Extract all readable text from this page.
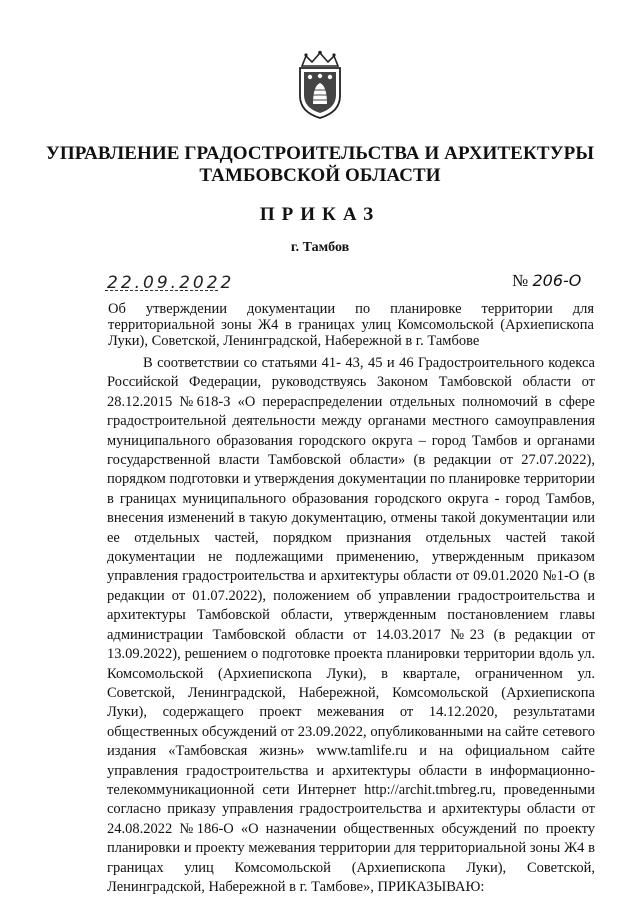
УПРАВЛЕНИЕ ГРАДОСТРОИТЕЛЬСТВА И АРХИТЕКТУРЫ
ТАМБОВСКОЙ ОБЛАСТИ
ПРИКАЗ
г. Тамбов
22.09.2022	№ 206-О
Об утверждении документации по планировке территории для территориальной зоны Ж4 в границах улиц Комсомольской (Архиепископа Луки), Советской, Ленинградской, Набережной в г. Тамбове
В соответствии со статьями 41- 43, 45 и 46 Градостроительного кодекса Российской Федерации, руководствуясь Законом Тамбовской области от 28.12.2015 №618-З «О перераспределении отдельных полномочий в сфере градостроительной деятельности между органами местного самоуправления муниципального образования городского округа – город Тамбов и органами государственной власти Тамбовской области» (в редакции от 27.07.2022), порядком подготовки и утверждения документации по планировке территории в границах муниципального образования городского округа - город Тамбов, внесения изменений в такую документацию, отмены такой документации или ее отдельных частей, порядком признания отдельных частей такой документации не подлежащими применению, утвержденным приказом управления градостроительства и архитектуры области от 09.01.2020 №1-О (в редакции от 01.07.2022), положением об управлении градостроительства и архитектуры Тамбовской области, утвержденным постановлением главы администрации Тамбовской области от 14.03.2017 №23 (в редакции от 13.09.2022), решением о подготовке проекта планировки территории вдоль ул. Комсомольской (Архиепископа Луки), в квартале, ограниченном ул. Советской, Ленинградской, Набережной, Комсомольской (Архиепископа Луки), содержащего проект межевания от 14.12.2020, результатами общественных обсуждений от 23.09.2022, опубликованными на сайте сетевого издания «Тамбовская жизнь» www.tamlife.ru и на официальном сайте управления градостроительства и архитектуры области в информационно-телекоммуникационной сети Интернет http://archit.tmbreg.ru, проведенными согласно приказу управления градостроительства и архитектуры области от 24.08.2022 №186-О «О назначении общественных обсуждений по проекту планировки и проекту межевания территории для территориальной зоны Ж4 в границах улиц Комсомольской (Архиепископа Луки), Советской, Ленинградской, Набережной в г. Тамбове», ПРИКАЗЫВАЮ:
